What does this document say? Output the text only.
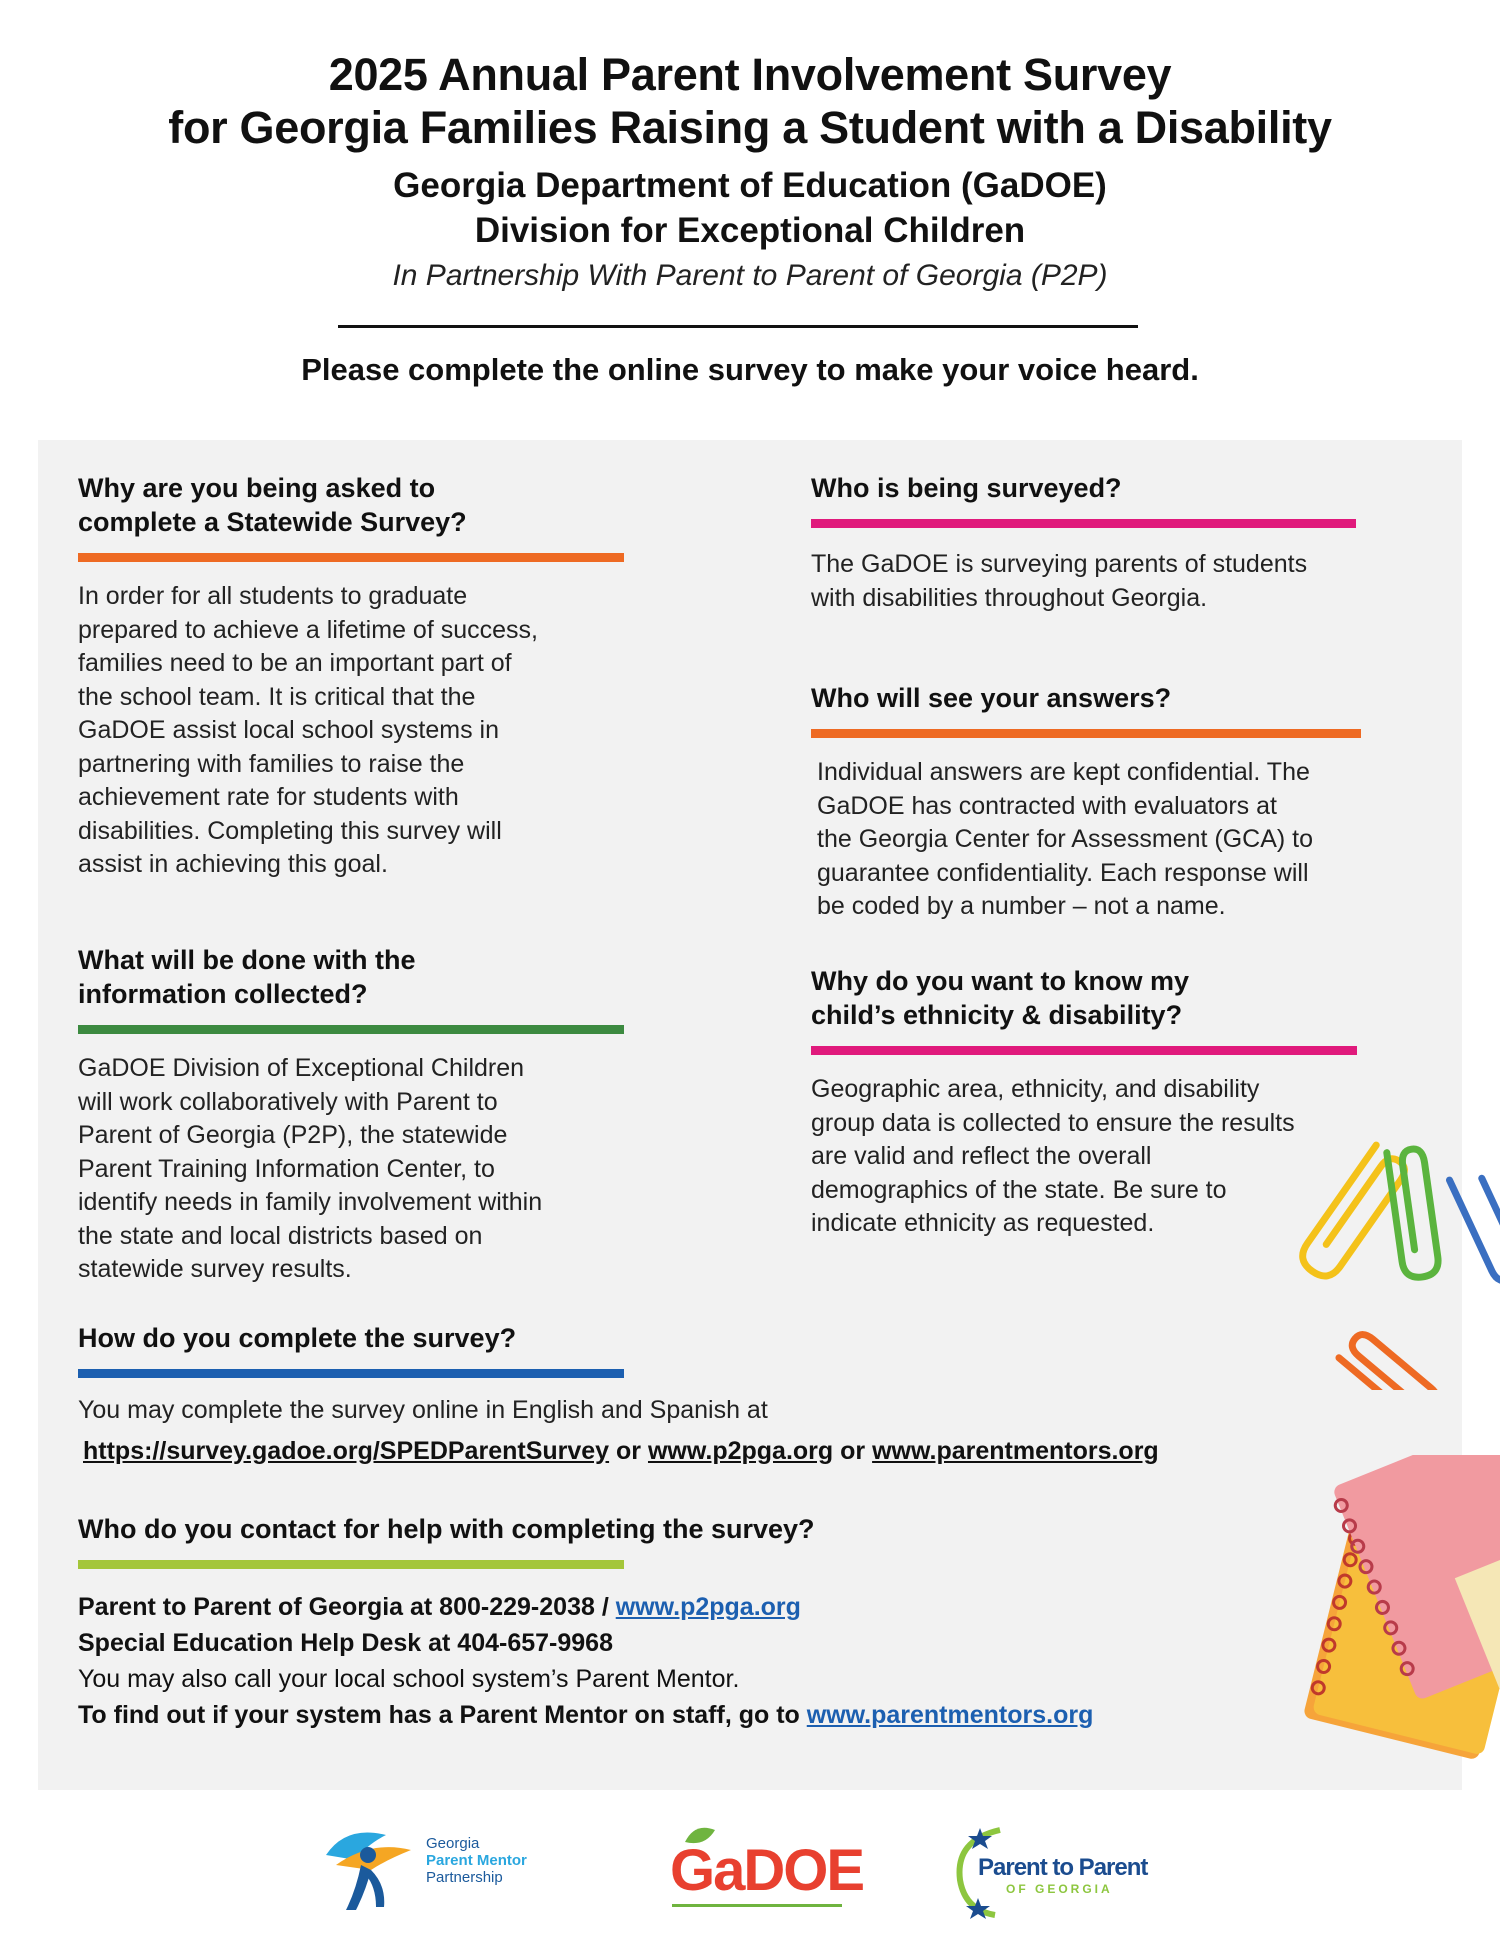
2025 Annual Parent Involvement Survey
for Georgia Families Raising a Student with a Disability
Georgia Department of Education (GaDOE)
Division for Exceptional Children
In Partnership With Parent to Parent of Georgia (P2P)
Please complete the online survey to make your voice heard.
Why are you being asked to
complete a Statewide Survey?

In order for all students to graduate
prepared to achieve a lifetime of success,
families need to be an important part of
the school team. It is critical that the
GaDOE assist local school systems in
partnering with families to raise the
achievement rate for students with
disabilities. Completing this survey will
assist in achieving this goal.

What will be done with the
information collected?

GaDOE Division of Exceptional Children
will work collaboratively with Parent to
Parent of Georgia (P2P), the statewide
Parent Training Information Center, to
identify needs in family involvement within
the state and local districts based on
statewide survey results.

Who is being surveyed?

The GaDOE is surveying parents of students
with disabilities throughout Georgia.

Who will see your answers?

Individual answers are kept confidential. The
GaDOE has contracted with evaluators at
the Georgia Center for Assessment (GCA) to
guarantee confidentiality. Each response will
be coded by a number – not a name.

Why do you want to know my
child’s ethnicity & disability?

Geographic area, ethnicity, and disability
group data is collected to ensure the results
are valid and reflect the overall
demographics of the state. Be sure to
indicate ethnicity as requested.

How do you complete the survey?

You may complete the survey online in English and Spanish at

https://survey.gadoe.org/SPEDParentSurvey or www.p2pga.org or www.parentmentors.org
Who do you contact for help with completing the survey?
Parent to Parent of Georgia at 800-229-2038 / www.p2pga.org
Special Education Help Desk at 404-657-9968
You may also call your local school system’s Parent Mentor.
To find out if your system has a Parent Mentor on staff, go to www.parentmentors.org
Georgia
Parent Mentor
Partnership	GaDOE	Parent to Parent
OF GEORGIA
